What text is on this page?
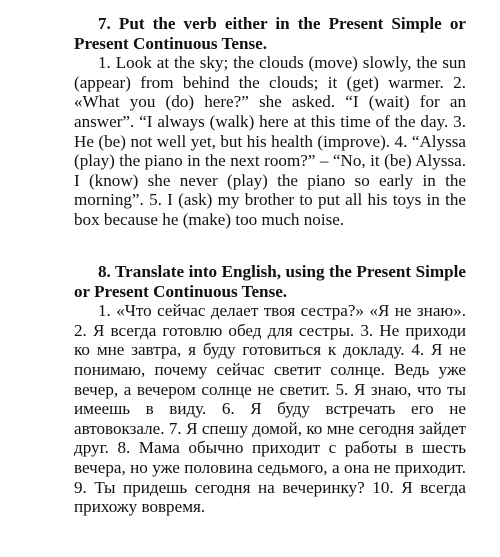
7. Put the verb either in the Present Simple or Present Continuous Tense.

1. Look at the sky; the clouds (move) slowly, the sun (appear) from behind the clouds; it (get) warmer. 2. «What you (do) here?” she asked. “I (wait) for an answer”. “I always (walk) here at this time of the day. 3. He (be) not well yet, but his health (improve). 4. “Alyssa (play) the piano in the next room?” – “No, it (be) Alyssa. I (know) she never (play) the piano so early in the morning”. 5. I (ask) my brother to put all his toys in the box because he (make) too much noise.

8. Translate into English, using the Present Simple or Present Continuous Tense.

1. «Что сейчас делает твоя сестра?» «Я не знаю». 2. Я всегда готовлю обед для сестры. 3. Не приходи ко мне завтра, я буду готовиться к докладу. 4. Я не понимаю, почему сейчас светит солнце. Ведь уже вечер, а вечером солнце не светит. 5. Я знаю, что ты имеешь в виду. 6. Я буду встречать его не автовокзале. 7. Я спешу домой, ко мне сегодня зайдет друг. 8. Мама обычно приходит с работы в шесть вечера, но уже половина седьмого, а она не приходит. 9. Ты придешь сегодня на вечеринку? 10. Я всегда прихожу вовремя.
